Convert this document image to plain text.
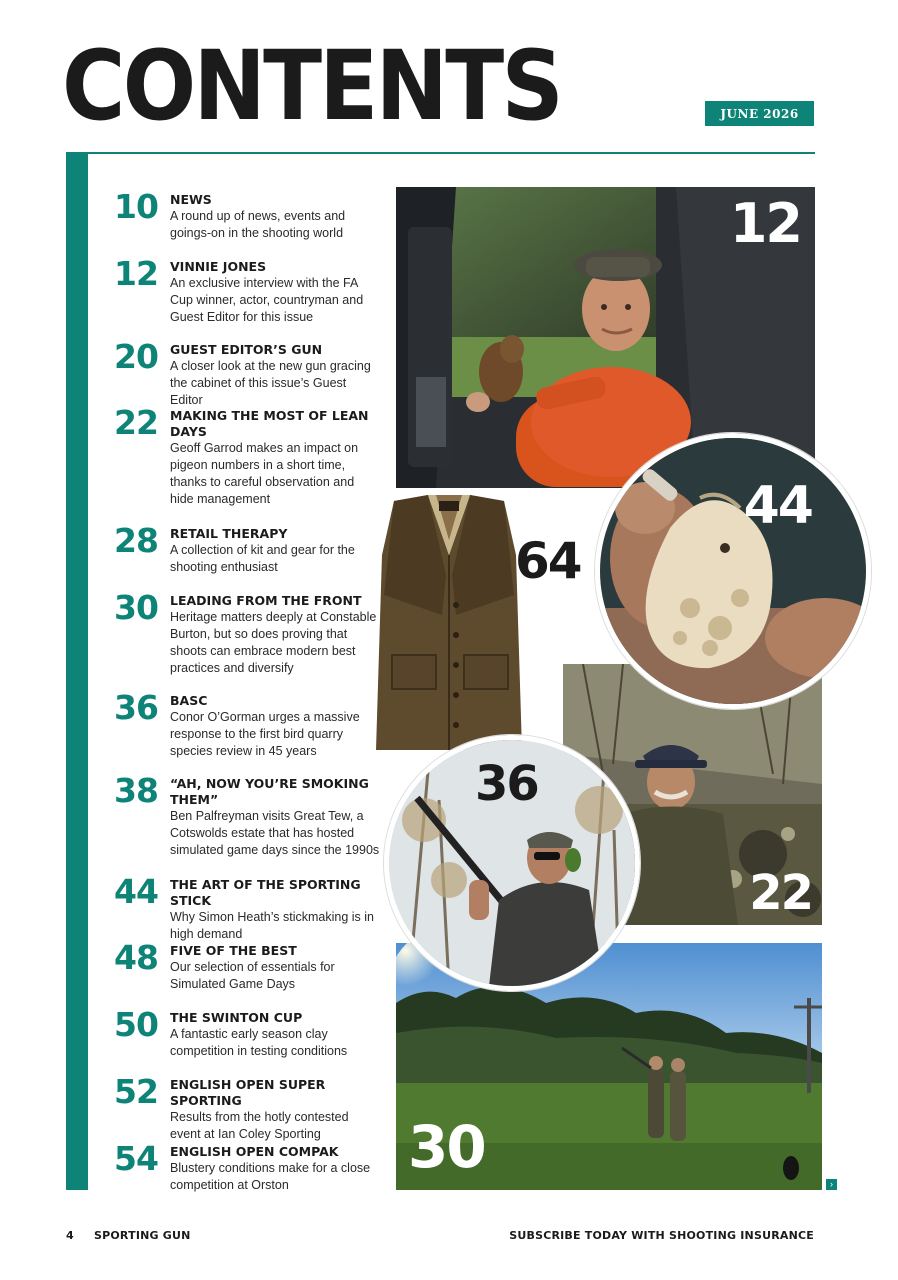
CONTENTS	JUNE 2026
10 NEWS
A round up of news, events and goings-on in the shooting world
12 VINNIE JONES
An exclusive interview with the FA Cup winner, actor, countryman and Guest Editor for this issue
20 GUEST EDITOR’S GUN
A closer look at the new gun gracing the cabinet of this issue’s Guest Editor
22 MAKING THE MOST OF LEAN DAYS
Geoff Garrod makes an impact on pigeon numbers in a short time, thanks to careful observation and hide management
28 RETAIL THERAPY
A collection of kit and gear for the shooting enthusiast
30 LEADING FROM THE FRONT
Heritage matters deeply at Constable Burton, but so does proving that shoots can embrace modern best practices and diversify
36 BASC
Conor O’Gorman urges a massive response to the first bird quarry species review in 45 years
38 “AH, NOW YOU’RE SMOKING THEM”
Ben Palfreyman visits Great Tew, a Cotswolds estate that has hosted simulated game days since the 1990s
44 THE ART OF THE SPORTING STICK
Why Simon Heath’s stickmaking is in high demand
48 FIVE OF THE BEST
Our selection of essentials for Simulated Game Days
50 THE SWINTON CUP
A fantastic early season clay competition in testing conditions
52 ENGLISH OPEN SUPER SPORTING
Results from the hotly contested event at Ian Coley Sporting
54 ENGLISH OPEN COMPAK
Blustery conditions make for a close competition at Orston
12
22
30
64
44
36
›
4 SPORTING GUN	SUBSCRIBE TODAY WITH SHOOTING INSURANCE
